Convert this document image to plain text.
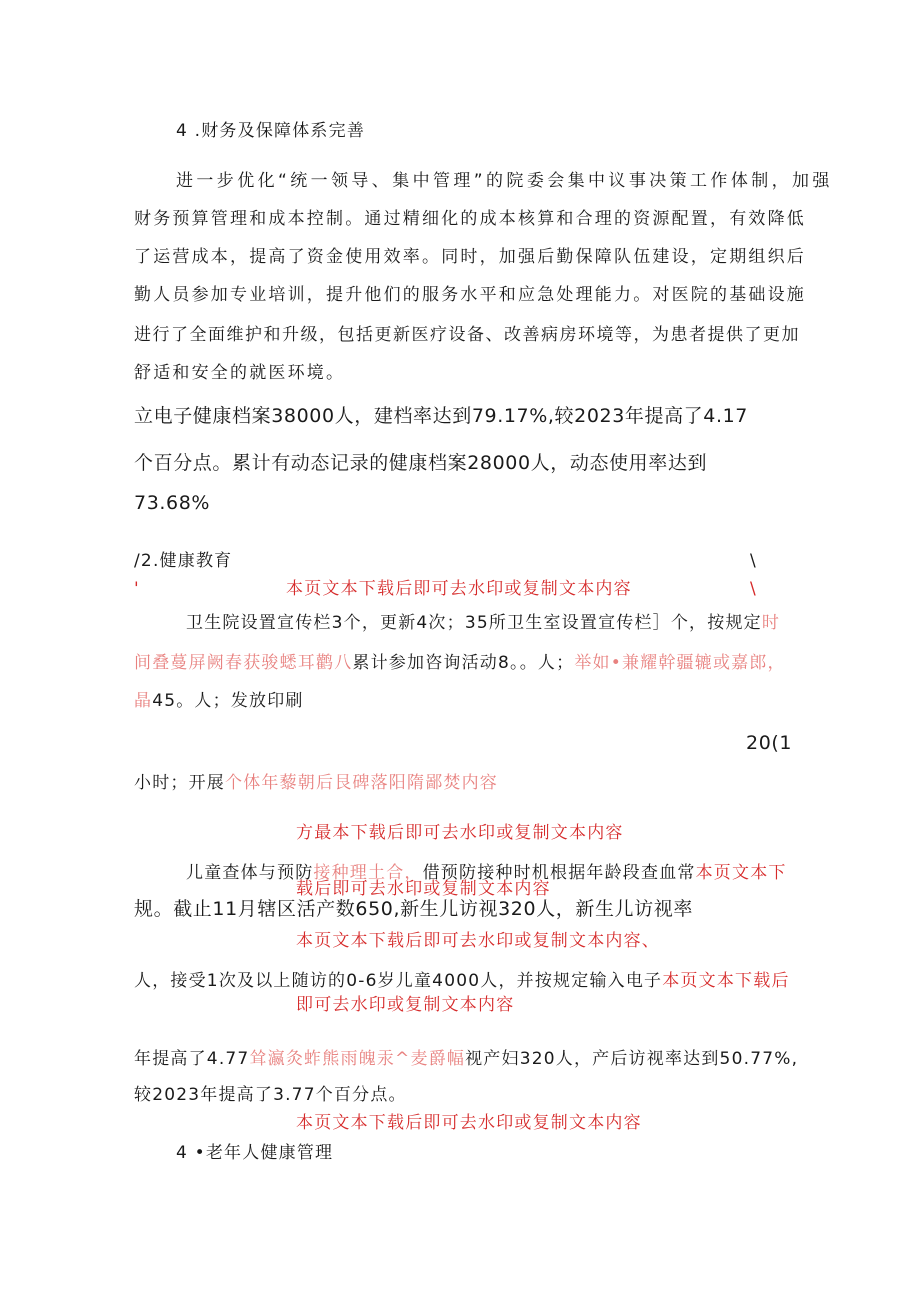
4 .财务及保障体系完善
进一步优化“统一领导、集中管理”的院委会集中议事决策工作体制，加强
财务预算管理和成本控制。通过精细化的成本核算和合理的资源配置，有效降低
了运营成本，提高了资金使用效率。同时，加强后勤保障队伍建设，定期组织后
勤人员参加专业培训，提升他们的服务水平和应急处理能力。对医院的基础设施
进行了全面维护和升级，包括更新医疗设备、改善病房环境等，为患者提供了更加
舒适和安全的就医环境。
立电子健康档案38000人，建档率达到79.17%,较2023年提高了4.17
个百分点。累计有动态记录的健康档案28000人，动态使用率达到
73.68%
/2.健康教育	\
'	本页文本下载后即可去水印或复制文本内容	\
卫生院设置宣传栏3个，更新4次；35所卫生室设置宣传栏］个，按规定时
间叠蔓屏阙春获骏蟋耳鹳八累计参加咨询活动8。。人；举如•兼耀幹疆辘或嘉郎，
晶45。人；发放印刷
20(1
小时；开展个体年藜朝后艮碑落阳隋鄙焚内容
方最本下载后即可去水印或复制文本内容
儿童查体与预防接种理土合，借预防接种时机根据年龄段查血常本页文本下
载后即可去水印或复制文本内容
规。截止11月辖区活产数650,新生儿访视320人，新生儿访视率
本页文本下载后即可去水印或复制文本内容、
人，接受1次及以上随访的0-6岁儿童4000人，并按规定输入电子本页文本下载后
即可去水印或复制文本内容
年提高了4.77耸瀛灸蚱熊雨魄汞^麦爵幅视产妇320人，产后访视率达到50.77%,
较2023年提高了3.77个百分点。
本页文本下载后即可去水印或复制文本内容
4 •老年人健康管理
